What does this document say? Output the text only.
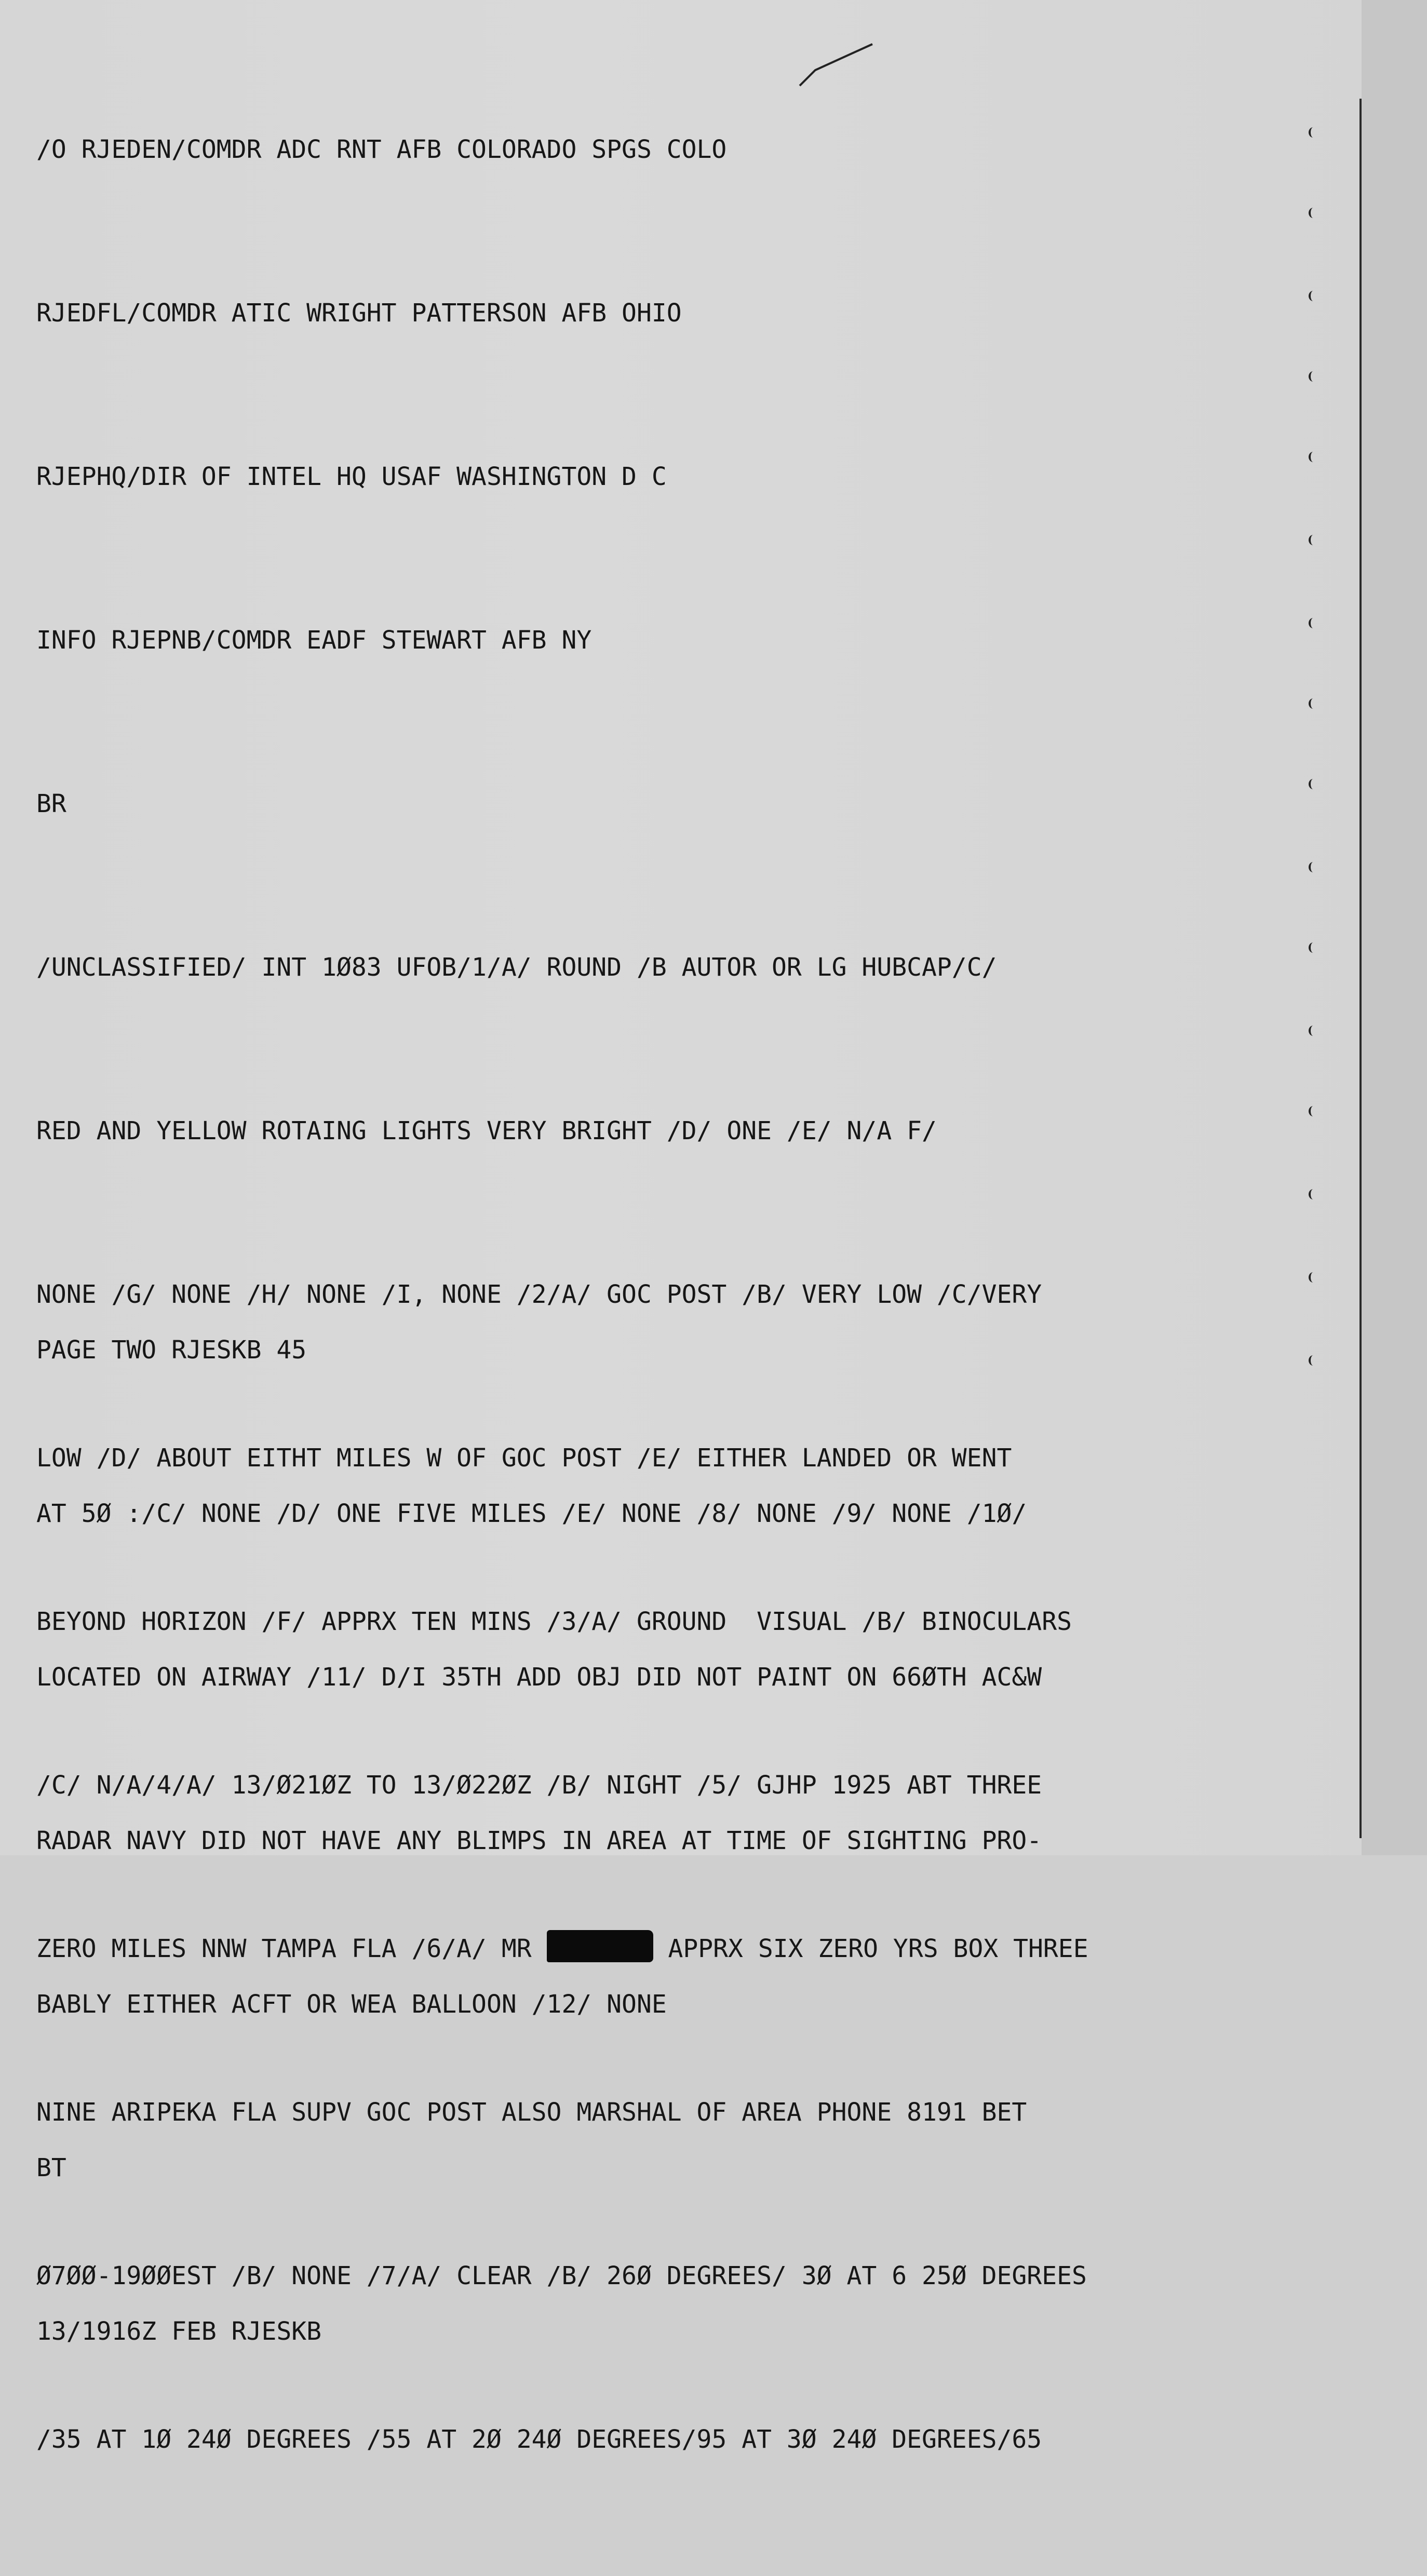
/O RJEDEN/COMDR ADC RNT AFB COLORADO SPGS COLO

RJEDFL/COMDR ATIC WRIGHT PATTERSON AFB OHIO

RJEPHQ/DIR OF INTEL HQ USAF WASHINGTON D C

INFO RJEPNB/COMDR EADF STEWART AFB NY

BR

/UNCLASSIFIED/ INT 1Ø83 UFOB/1/A/ ROUND /B AUTOR OR LG HUBCAP/C/

RED AND YELLOW ROTAING LIGHTS VERY BRIGHT /D/ ONE /E/ N/A F/

NONE /G/ NONE /H/ NONE /I, NONE /2/A/ GOC POST /B/ VERY LOW /C/VERY

LOW /D/ ABOUT EITHT MILES W OF GOC POST /E/ EITHER LANDED OR WENT

BEYOND HORIZON /F/ APPRX TEN MINS /3/A/ GROUND  VISUAL /B/ BINOCULARS

/C/ N/A/4/A/ 13/Ø21ØZ TO 13/Ø22ØZ /B/ NIGHT /5/ GJHP 1925 ABT THREE

ZERO MILES NNW TAMPA FLA /6/A/ MR	APPRX SIX ZERO YRS BOX THREE

NINE ARIPEKA FLA SUPV GOC POST ALSO MARSHAL OF AREA PHONE 8191 BET

Ø7ØØ-19ØØEST /B/ NONE /7/A/ CLEAR /B/ 26Ø DEGREES/ 3Ø AT 6 25Ø DEGREES

/35 AT 1Ø 24Ø DEGREES /55 AT 2Ø 24Ø DEGREES/95 AT 3Ø 24Ø DEGREES/65

PAGE TWO RJESKB 45

AT 5Ø :/C/ NONE /D/ ONE FIVE MILES /E/ NONE /8/ NONE /9/ NONE /1Ø/

LOCATED ON AIRWAY /11/ D/I 35TH ADD OBJ DID NOT PAINT ON 66ØTH AC&W

RADAR NAVY DID NOT HAVE ANY BLIMPS IN AREA AT TIME OF SIGHTING PRO-

BABLY EITHER ACFT OR WEA BALLOON /12/ NONE

BT

13/1916Z FEB RJESKB
